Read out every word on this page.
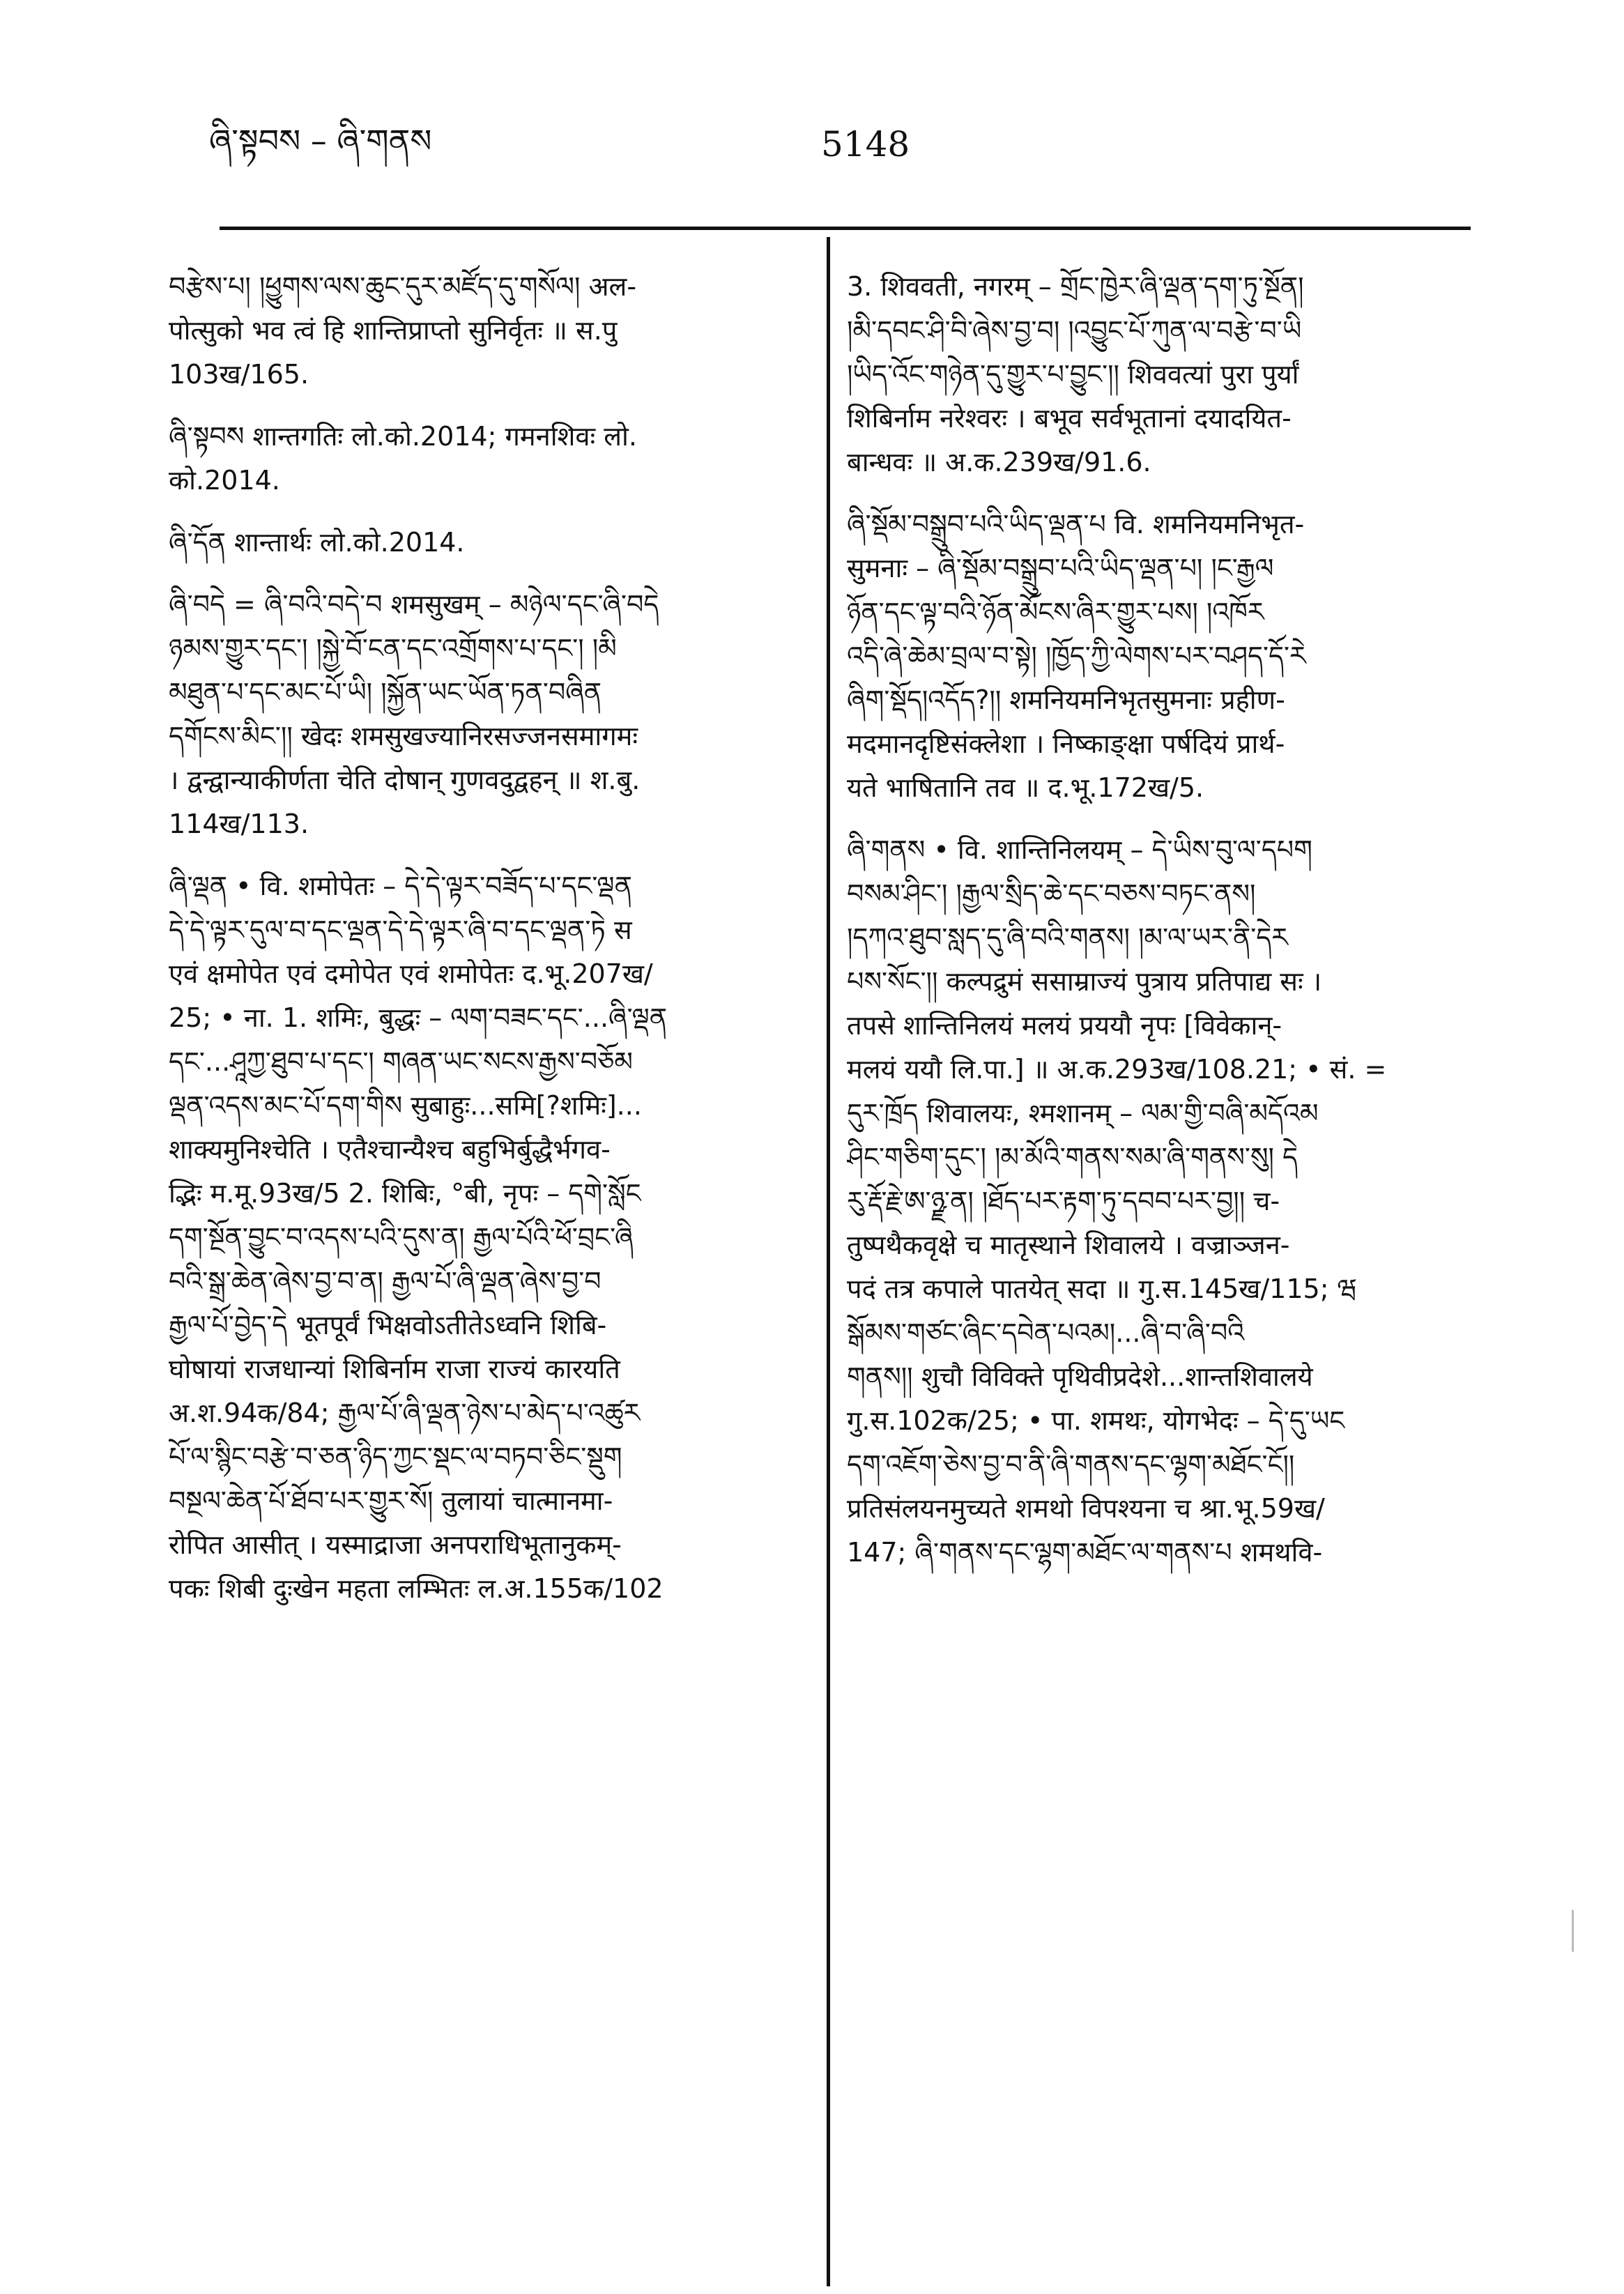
ཞི་སྟབས – ཞི་གནས	5148
བརྩེས་པ། །ཕྱུགས་ལས་ཆུང་དུར་མཛོད་དུ་གསོལ། अल-
पोत्सुको भव त्वं हि शान्तिप्राप्तो सुनिर्वृतः ॥ स.पु
103ख/165.
ཞི་སྟབས शान्तगतिः लो.को.2014; गमनशिवः लो.
को.2014.
ཞི་དོན शान्तार्थः लो.को.2014.
ཞི་བདེ = ཞི་བའི་བདེ་བ शमसुखम् – མཉེལ་དང་ཞི་བདེ
ཉམས་གྱུར་དང་། །སྐྱེ་བོ་ངན་དང་འགྲོགས་པ་དང་། །མི
མཐུན་པ་དང་མང་པོ་ཡི། །སྐྱོན་ཡང་ཡོན་ཏན་བཞིན
དགོངས་མིང་།། खेदः शमसुखज्यानिरसज्जनसमागमः
। द्वन्द्वान्याकीर्णता चेति दोषान् गुणवदुद्वहन् ॥ श.बु.
114ख/113.
ཞི་ལྡན • वि. शमोपेतः – དེ་དེ་ལྟར་བཟོད་པ་དང་ལྡན
དེ་དེ་ལྟར་དུལ་བ་དང་ལྡན་དེ་དེ་ལྟར་ཞི་བ་དང་ལྡན་ཏེ स
एवं क्षमोपेत एवं दमोपेत एवं शमोपेतः द.भू.207ख/
25; • ना. 1. शमिः, बुद्धः – ལག་བཟང་དང་...ཞི་ལྡན
དང་...ཤཱཀྱ་ཐུབ་པ་དང་། གཞན་ཡང་སངས་རྒྱས་བཅོམ
ལྡན་འདས་མང་པོ་དག་གིས सुबाहुः...समि[?शमिः]...
शाक्यमुनिश्चेति । एतैश्चान्यैश्च बहुभिर्बुद्धैर्भगव-
द्भिः म.मू.93ख/5 2. शिबिः, °बी, नृपः – དགེ་སློང
དག་སྔོན་བྱུང་བ་འདས་པའི་དུས་ན། རྒྱལ་པོའི་ཕོ་བྲང་ཞི
བའི་སྒྲ་ཆེན་ཞེས་བྱ་བ་ན། རྒྱལ་པོ་ཞི་ལྡན་ཞེས་བྱ་བ
རྒྱལ་པོ་བྱེད་དེ भूतपूर्वं भिक्षवोऽतीतेऽध्वनि शिबि-
घोषायां राजधान्यां शिबिर्नाम राजा राज्यं कारयति
अ.श.94क/84; རྒྱལ་པོ་ཞི་ལྡན་ཉེས་པ་མེད་པ་འཚུར
པོ་ལ་སྙིང་བརྩེ་བ་ཅན་ཉིད་ཀྱང་སྡང་ལ་བཏབ་ཅིང་སྡུག
བསྔལ་ཆེན་པོ་ཐོབ་པར་གྱུར་སོ། तुलायां चात्मानमा-
रोपित आसीत् । यस्माद्राजा अनपराधिभूतानुकम्-
पकः शिबी दुःखेन महता लम्भितः ल.अ.155क/102
3. शिववती, नगरम् – གྲོང་ཁྱེར་ཞི་ལྡན་དག་ཏུ་སྔོན།
།མི་དབང་ཤི་བི་ཞེས་བྱ་བ། །འབྱུང་པོ་ཀུན་ལ་བརྩེ་བ་ཡི
།ཡིད་འོང་གཉེན་དུ་གྱུར་པ་བྱུང་།། शिववत्यां पुरा पुर्यां
शिबिर्नाम नरेश्वरः । बभूव सर्वभूतानां दयादयित-
बान्धवः ॥ अ.क.239ख/91.6.
ཞི་སྡོམ་བསྒྲུབ་པའི་ཡིད་ལྡན་པ वि. शमनियमनिभृत-
सुमनाः – ཞི་སྡོམ་བསྒྲུབ་པའི་ཡིད་ལྡན་པ། །ང་རྒྱལ
ཉོན་དང་ལྟ་བའི་ཉོན་མོངས་ཞིར་གྱུར་པས། །འཁོར
འདི་ཞེ་ཆེམ་བྲལ་བ་སྟེ། །ཁྱོད་ཀྱི་ལེགས་པར་བཤད་དོ་རེ
ཞིག་སྡོད།འདོད?།། शमनियमनिभृतसुमनाः प्रहीण-
मदमानदृष्टिसंक्लेशा । निष्काङ्क्षा पर्षदियं प्रार्थ-
यते भाषितानि तव ॥ द.भू.172ख/5.
ཞི་གནས • वि. शान्तिनिलयम् – དེ་ཡིས་བུ་ལ་དཔག
བསམ་ཤིང་། །རྒྱལ་སྲིད་ཆེ་དང་བཅས་བཏང་ནས།
།དཀའ་ཐུབ་སླད་དུ་ཞི་བའི་གནས། །མ་ལ་ཡར་ནི་དེར
པས་སོང་།། कल्पद्रुमं ससाम्राज्यं पुत्राय प्रतिपाद्य सः ।
तपसे शान्तिनिलयं मलयं प्रययौ नृपः [विवेकान्-
मलयं ययौ लि.पा.] ॥ अ.क.293ख/108.21; • सं. =
དུར་ཁྲོད शिवालयः, श्मशानम् – ལམ་གྱི་བཞི་མདོའམ
ཤིང་གཅིག་དུང་། །མ་མོའི་གནས་སམ་ཞི་གནས་སུ། དེ
རུ་རྡོ་རྗེ་ཨ་ཉྫ་ན། །ཐོད་པར་རྟག་ཏུ་དབབ་པར་བྱ།། च-
तुष्पथैकवृक्षे च मातृस्थाने शिवालये । वज्राञ्जन-
पदं तत्र कपाले पातयेत् सदा ॥ गु.स.145ख/115; ཝ
སྒོམས་གཙང་ཞིང་དབེན་པའམ།...ཞི་བ་ཞི་བའི
གནས།། शुचौ विविक्ते पृथिवीप्रदेशे...शान्तशिवालये
गु.स.102क/25; • पा. शमथः, योगभेदः – དེ་དུ་ཡང
དག་འཇོག་ཅེས་བྱ་བ་ནི་ཞི་གནས་དང་ལྷག་མཐོང་ངོ།།
प्रतिसंलयनमुच्यते शमथो विपश्यना च श्रा.भू.59ख/
147; ཞི་གནས་དང་ལྷག་མཐོང་ལ་གནས་པ शमथवि-
